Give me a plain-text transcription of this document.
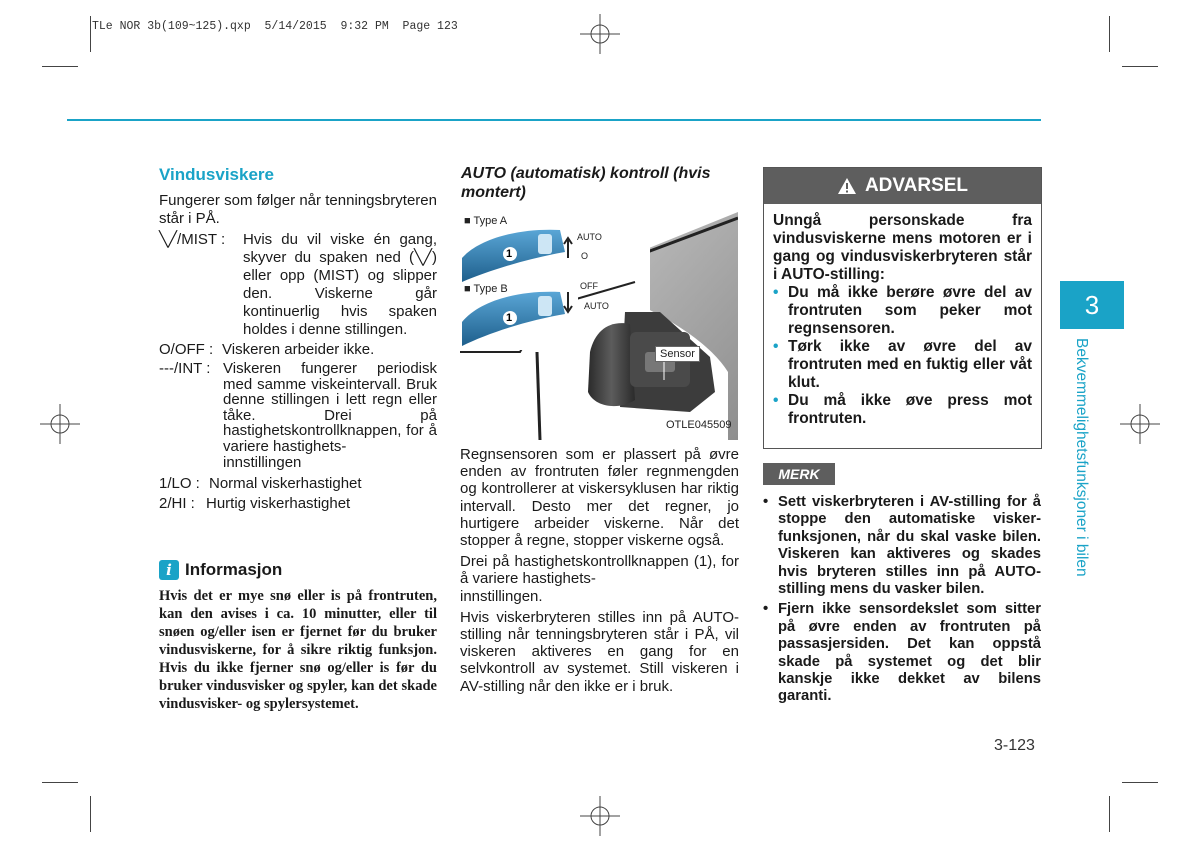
TLe NOR 3b(109~125).qxp  5/14/2015  9:32 PM  Page 123
Vindusviskere
Fungerer som følger når tenningsbryteren står i PÅ.
╲╱/MIST :	Hvis du vil viske én gang, skyver du spaken ned (╲╱) eller opp (MIST) og slipper den. Viskerne går kontinuerlig hvis spaken holdes i denne stillingen.
O/OFF : Viskeren arbeider ikke.
---/INT : Viskeren fungerer periodisk med samme viskeintervall. Bruk denne stillingen i lett regn eller tåke. Drei på hastighetskontrollknappen, for å variere hastighets-
innstillingen
1/LO : Normal viskerhastighet
2/HI : Hurtig viskerhastighet
i Informasjon
Hvis det er mye snø eller is på frontruten, kan den avises i ca. 10 minutter, eller til snøen og/eller isen er fjernet før du bruker vindusviskerne, for å sikre riktig funksjon. Hvis du ikke fjerner snø og/eller is før du bruker vindusvisker og spyler, kan det skade vindusvisker- og spylersystemet.
AUTO (automatisk) kontroll (hvis montert)
■ Type A
■ Type B
AUTO
O
OFF
AUTO
1
1
Sensor
OTLE045509
Regnsensoren som er plassert på øvre enden av frontruten føler regnmengden og kontrollerer at viskersyklusen har riktig intervall. Desto mer det regner, jo hurtigere arbeider viskerne. Når det stopper å regne, stopper viskerne også.
Drei på hastighetskontrollknappen (1), for å variere hastighets-
innstillingen.
Hvis viskerbryteren stilles inn på AUTO- stilling når tenningsbryteren står i PÅ, vil viskeren aktiveres en gang for en selvkontroll av systemet. Still viskeren i AV-stilling når den ikke er i bruk.
ADVARSEL
Unngå personskade fra vindusviskerne mens motoren er i gang og vindusviskerbryteren står i AUTO-stilling:
• Du må ikke berøre øvre del av frontruten som peker mot regnsensoren.
• Tørk ikke av øvre del av frontruten med en fuktig eller våt klut.
• Du må ikke øve press mot frontruten.
MERK
• Sett viskerbryteren i AV-stilling for å stoppe den automatiske visker- funksjonen, når du skal vaske bilen. Viskeren kan aktiveres og skades hvis bryteren stilles inn på AUTO-stilling mens du vasker bilen.
• Fjern ikke sensordekslet som sitter på øvre enden av frontruten på passasjersiden. Det kan oppstå skade på systemet og det blir kanskje ikke dekket av bilens garanti.
3
Bekvemmelighetsfunksjoner i bilen
3-123
